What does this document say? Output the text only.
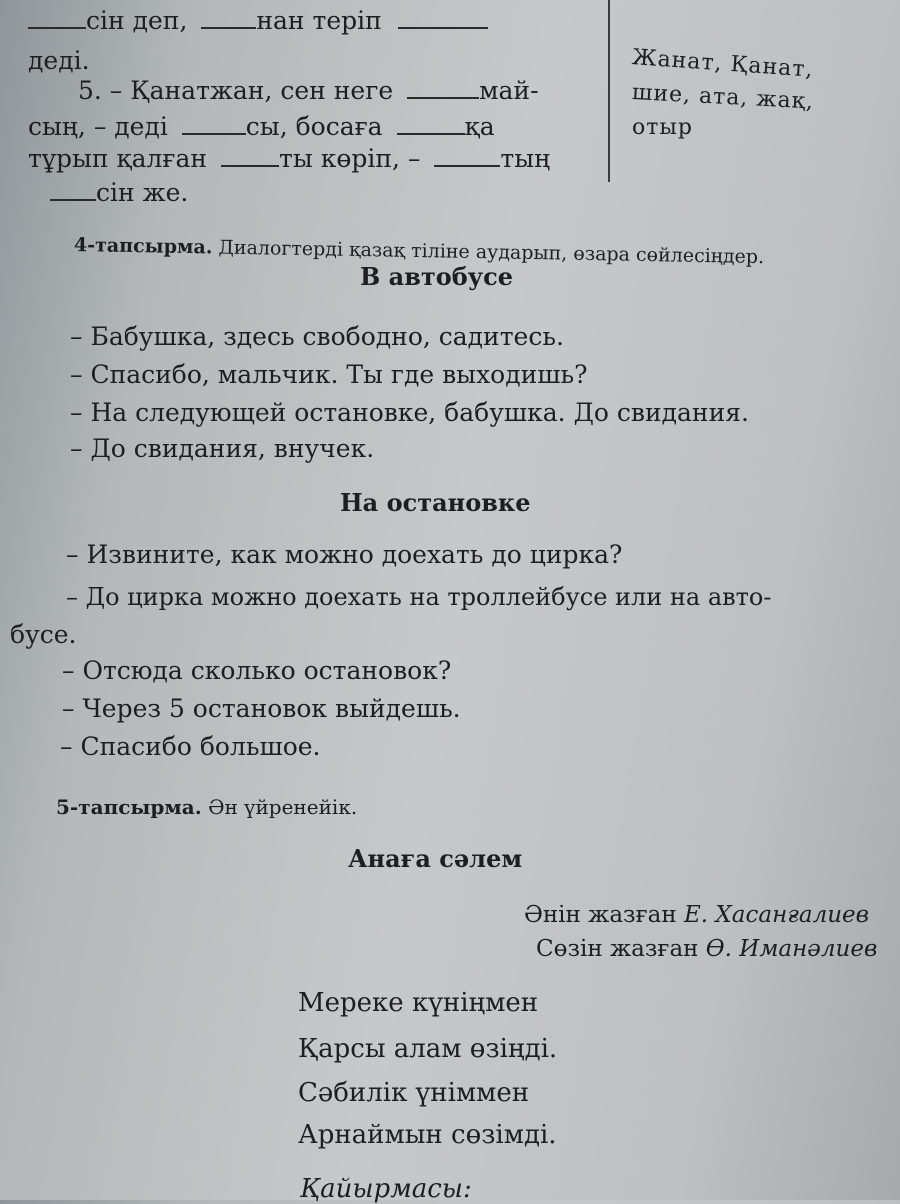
сін деп,	нан теріп
деді.
5. – Қанатжан, сен неге	май-
сың, – деді	сы, босаға	қа
тұрып қалған	ты көріп, –	тың
сін же.
Жанат, Қанат,
шие, ата, жақ,
отыр
4-тапсырма. Диалогтерді қазақ тіліне аударып, өзара сөйлесіңдер.
В автобусе
– Бабушка, здесь свободно, садитесь.
– Спасибо, мальчик. Ты где выходишь?
– На следующей остановке, бабушка. До свидания.
– До свидания, внучек.
На остановке
– Извините, как можно доехать до цирка?
– До цирка можно доехать на троллейбусе или на авто-
бусе.
– Отсюда сколько остановок?
– Через 5 остановок выйдешь.
– Спасибо большое.
5-тапсырма. Ән үйренейік.
Анаға сәлем
Әнін жазған Е. Хасанғалиев
Сөзін жазған Ө. Иманәлиев
Мереке күніңмен
Қарсы алам өзіңді.
Сәбилік үніммен
Арнаймын сөзімді.
Қайырмасы:
